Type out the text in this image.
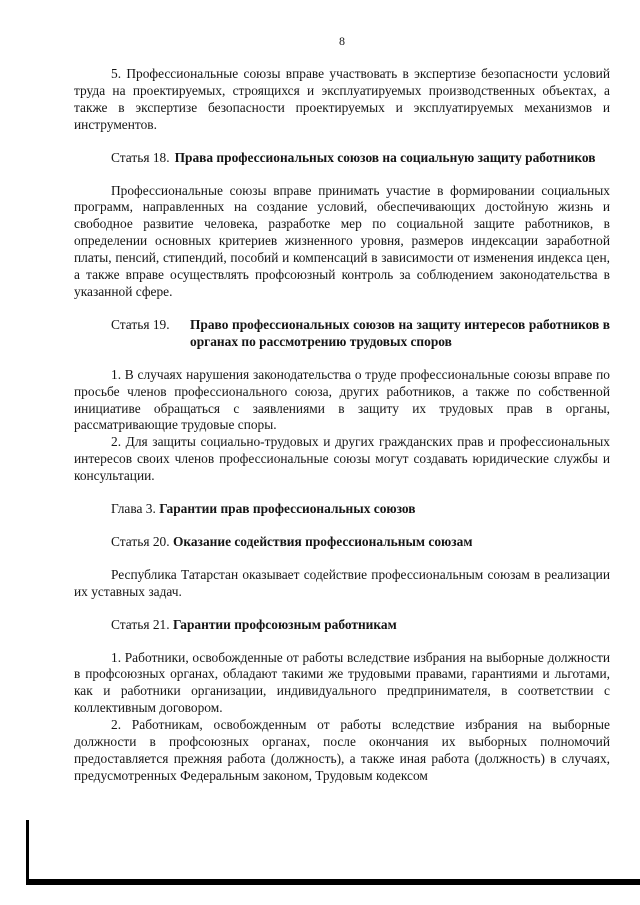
8

5. Профессиональные союзы вправе участвовать в экспертизе безопасности условий труда на проектируемых, строящихся и эксплуатируемых производственных объектах, а также в экспертизе безопасности проектируемых и эксплуатируемых механизмов и инструментов.

Статья 18. Права профессиональных союзов на социальную защиту работников

Профессиональные союзы вправе принимать участие в формировании социальных программ, направленных на создание условий, обеспечивающих достойную жизнь и свободное развитие человека, разработке мер по социальной защите работников, в определении основных критериев жизненного уровня, размеров индексации заработной платы, пенсий, стипендий, пособий и компенсаций в зависимости от изменения индекса цен, а также вправе осуществлять профсоюзный контроль за соблюдением законодательства в указанной сфере.

Статья 19.	Право профессиональных союзов на защиту интересов работников в органах по рассмотрению трудовых споров

1. В случаях нарушения законодательства о труде профессиональные союзы вправе по просьбе членов профессионального союза, других работников, а также по собственной инициативе обращаться с заявлениями в защиту их трудовых прав в органы, рассматривающие трудовые споры.

2. Для защиты социально-трудовых и других гражданских прав и профессиональных интересов своих членов профессиональные союзы могут создавать юридические службы и консультации.

Глава 3. Гарантии прав профессиональных союзов

Статья 20. Оказание содействия профессиональным союзам

Республика Татарстан оказывает содействие профессиональным союзам в реализации их уставных задач.

Статья 21. Гарантии профсоюзным работникам

1. Работники, освобожденные от работы вследствие избрания на выборные должности в профсоюзных органах, обладают такими же трудовыми правами, гарантиями и льготами, как и работники организации, индивидуального предпринимателя, в соответствии с коллективным договором.

2. Работникам, освобожденным от работы вследствие избрания на выборные должности в профсоюзных органах, после окончания их выборных полномочий предоставляется прежняя работа (должность), а также иная работа (должность) в случаях, предусмотренных Федеральным законом, Трудовым кодексом
